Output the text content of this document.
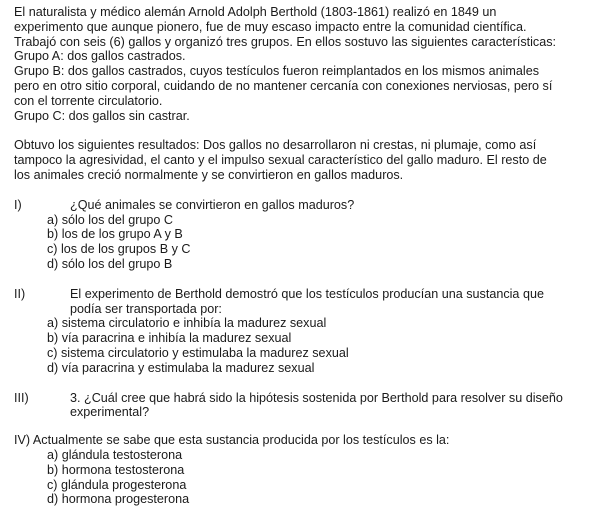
El naturalista y médico alemán Arnold Adolph Berthold (1803-1861) realizó en 1849 un

experimento que aunque pionero, fue de muy escaso impacto entre la comunidad científica.

Trabajó con seis (6) gallos y organizó tres grupos. En ellos sostuvo las siguientes características:

Grupo A: dos gallos castrados.

Grupo B: dos gallos castrados, cuyos testículos fueron reimplantados en los mismos animales

pero en otro sitio corporal, cuidando de no mantener cercanía con conexiones nerviosas, pero sí

con el torrente circulatorio.

Grupo C: dos gallos sin castrar.

Obtuvo los siguientes resultados: Dos gallos no desarrollaron ni crestas, ni plumaje, como así

tampoco la agresividad, el canto y el impulso sexual característico del gallo maduro. El resto de

los animales creció normalmente y se convirtieron en gallos maduros.

I)	¿Qué animales se convirtieron en gallos maduros?

a) sólo los del grupo C

b) los de los grupo A y B

c) los de los grupos B y C

d) sólo los del grupo B

II)	El experimento de Berthold demostró que los testículos producían una sustancia que

podía ser transportada por:

a) sistema circulatorio e inhibía la madurez sexual

b) vía paracrina e inhibía la madurez sexual

c) sistema circulatorio y estimulaba la madurez sexual

d) vía paracrina y estimulaba la madurez sexual

III)	3. ¿Cuál cree que habrá sido la hipótesis sostenida por Berthold para resolver su diseño

experimental?

IV) Actualmente se sabe que esta sustancia producida por los testículos es la:

a) glándula testosterona

b) hormona testosterona

c) glándula progesterona

d) hormona progesterona
